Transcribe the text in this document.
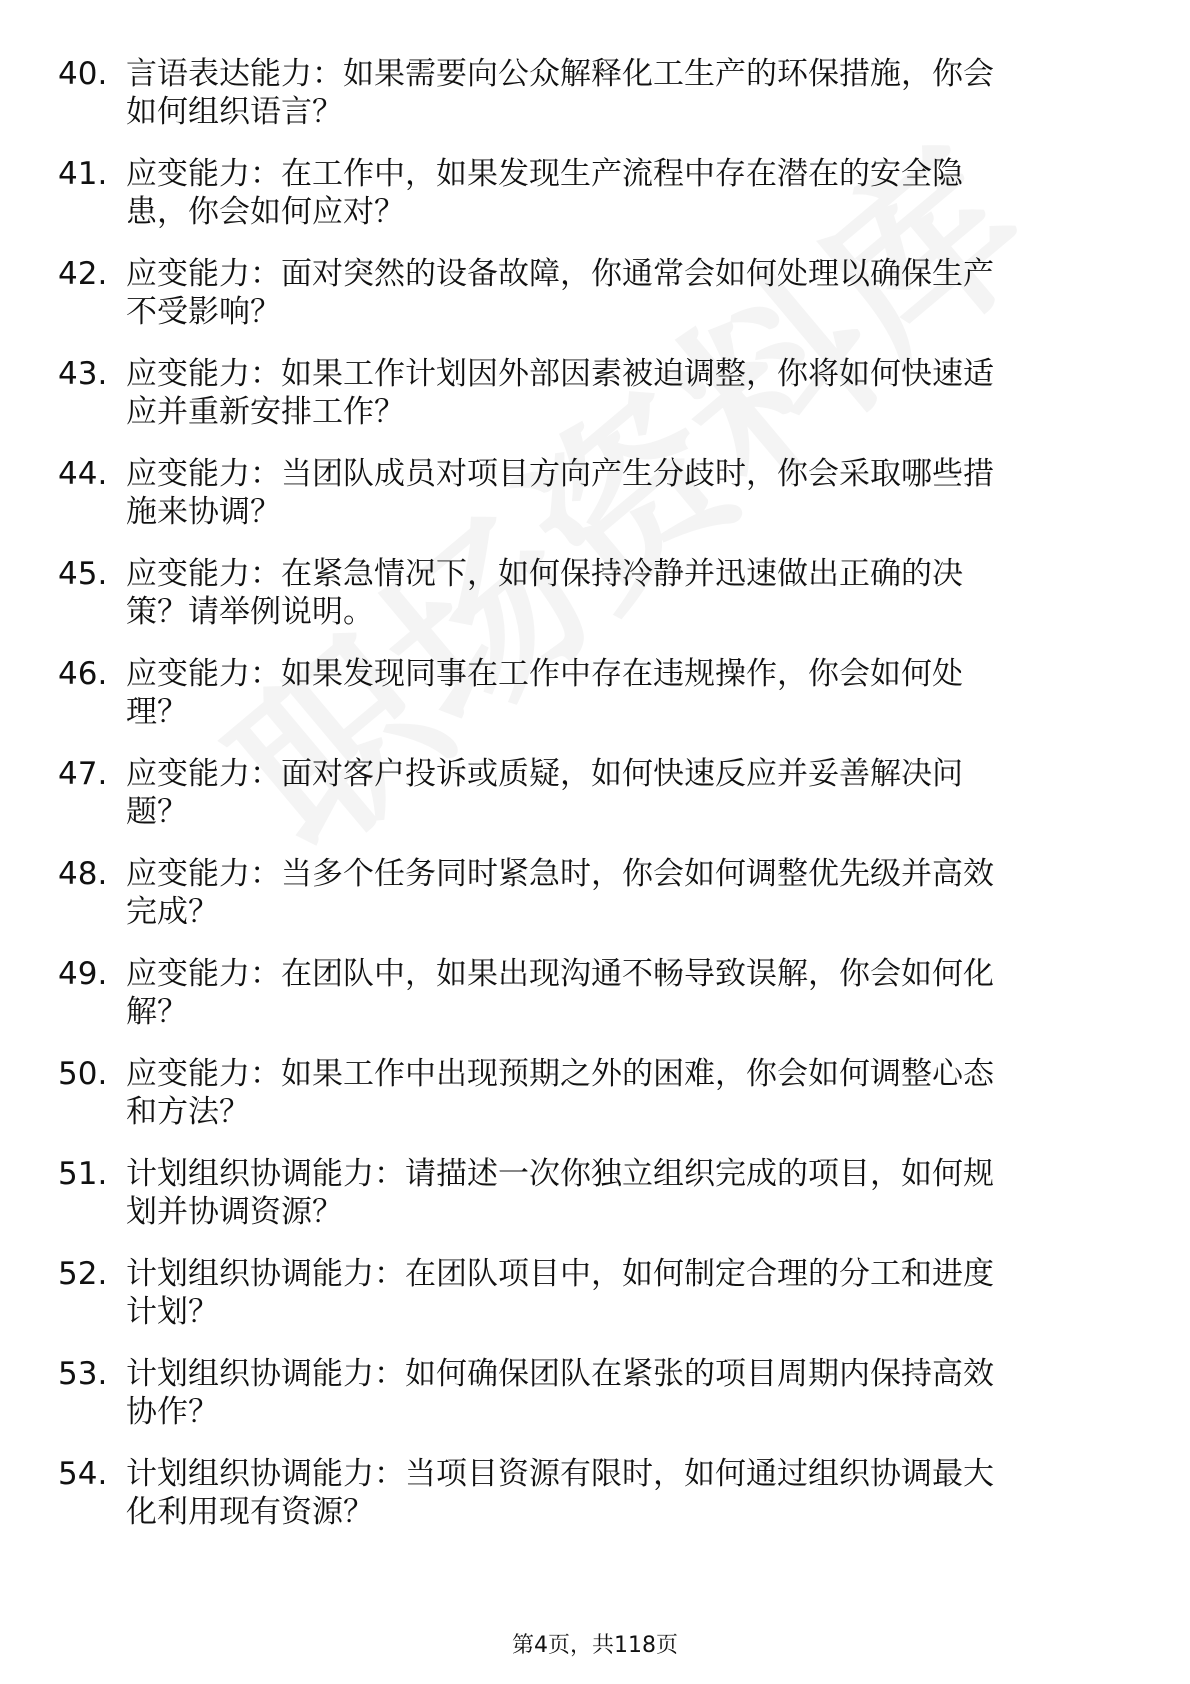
40. 言语表达能力：如果需要向公众解释化工生产的环保措施，你会
如何组织语言？
41. 应变能力：在工作中，如果发现生产流程中存在潜在的安全隐
患，你会如何应对？
42. 应变能力：面对突然的设备故障，你通常会如何处理以确保生产
不受影响？
43. 应变能力：如果工作计划因外部因素被迫调整，你将如何快速适
应并重新安排工作？
44. 应变能力：当团队成员对项目方向产生分歧时，你会采取哪些措
施来协调？
45. 应变能力：在紧急情况下，如何保持冷静并迅速做出正确的决
策？请举例说明。
46. 应变能力：如果发现同事在工作中存在违规操作，你会如何处
理？
47. 应变能力：面对客户投诉或质疑，如何快速反应并妥善解决问
题？
48. 应变能力：当多个任务同时紧急时，你会如何调整优先级并高效
完成？
49. 应变能力：在团队中，如果出现沟通不畅导致误解，你会如何化
解？
50. 应变能力：如果工作中出现预期之外的困难，你会如何调整心态
和方法？
51. 计划组织协调能力：请描述一次你独立组织完成的项目，如何规
划并协调资源？
52. 计划组织协调能力：在团队项目中，如何制定合理的分工和进度
计划？
53. 计划组织协调能力：如何确保团队在紧张的项目周期内保持高效
协作？
54. 计划组织协调能力：当项目资源有限时，如何通过组织协调最大
化利用现有资源？
第4页，共118页
